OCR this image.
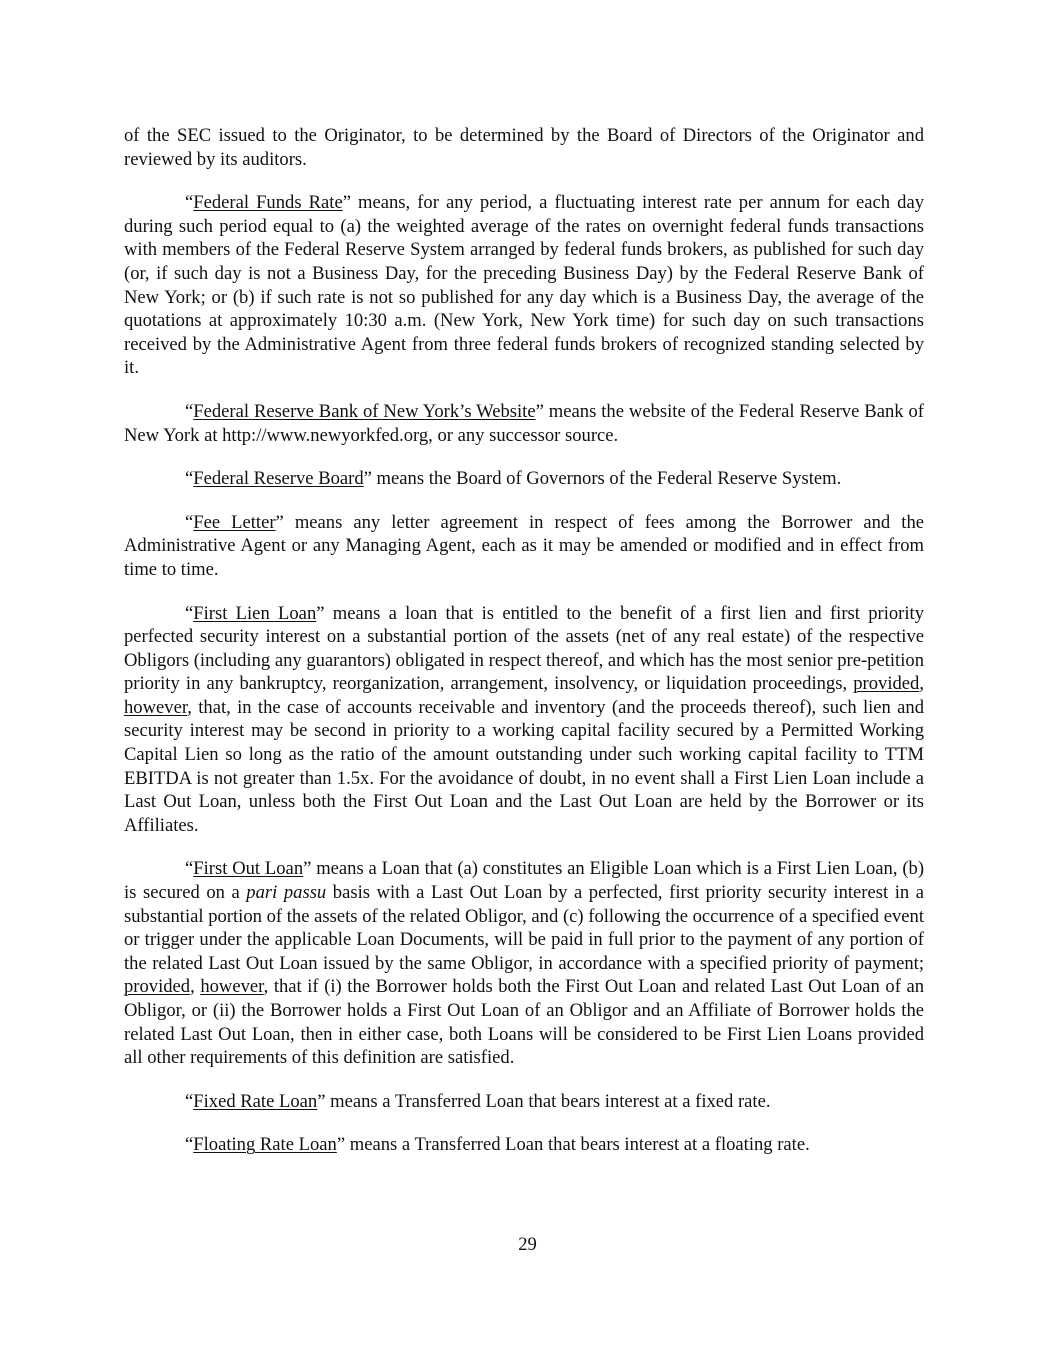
of the SEC issued to the Originator, to be determined by the Board of Directors of the Originator and reviewed by its auditors.

“Federal Funds Rate” means, for any period, a fluctuating interest rate per annum for each day during such period equal to (a) the weighted average of the rates on overnight federal funds transactions with members of the Federal Reserve System arranged by federal funds brokers, as published for such day (or, if such day is not a Business Day, for the preceding Business Day) by the Federal Reserve Bank of New York; or (b) if such rate is not so published for any day which is a Business Day, the average of the quotations at approximately 10:30 a.m. (New York, New York time) for such day on such transactions received by the Administrative Agent from three federal funds brokers of recognized standing selected by it.

“Federal Reserve Bank of New York’s Website” means the website of the Federal Reserve Bank of New York at http://www.newyorkfed.org, or any successor source.

“Federal Reserve Board” means the Board of Governors of the Federal Reserve System.

“Fee Letter” means any letter agreement in respect of fees among the Borrower and the Administrative Agent or any Managing Agent, each as it may be amended or modified and in effect from time to time.

“First Lien Loan” means a loan that is entitled to the benefit of a first lien and first priority perfected security interest on a substantial portion of the assets (net of any real estate) of the respective Obligors (including any guarantors) obligated in respect thereof, and which has the most senior pre-petition priority in any bankruptcy, reorganization, arrangement, insolvency, or liquidation proceedings, provided, however, that, in the case of accounts receivable and inventory (and the proceeds thereof), such lien and security interest may be second in priority to a working capital facility secured by a Permitted Working Capital Lien so long as the ratio of the amount outstanding under such working capital facility to TTM EBITDA is not greater than 1.5x. For the avoidance of doubt, in no event shall a First Lien Loan include a Last Out Loan, unless both the First Out Loan and the Last Out Loan are held by the Borrower or its Affiliates.

“First Out Loan” means a Loan that (a) constitutes an Eligible Loan which is a First Lien Loan, (b) is secured on a pari passu basis with a Last Out Loan by a perfected, first priority security interest in a substantial portion of the assets of the related Obligor, and (c) following the occurrence of a specified event or trigger under the applicable Loan Documents, will be paid in full prior to the payment of any portion of the related Last Out Loan issued by the same Obligor, in accordance with a specified priority of payment; provided, however, that if (i) the Borrower holds both the First Out Loan and related Last Out Loan of an Obligor, or (ii) the Borrower holds a First Out Loan of an Obligor and an Affiliate of Borrower holds the related Last Out Loan, then in either case, both Loans will be considered to be First Lien Loans provided all other requirements of this definition are satisfied.

“Fixed Rate Loan” means a Transferred Loan that bears interest at a fixed rate.

“Floating Rate Loan” means a Transferred Loan that bears interest at a floating rate.

29
